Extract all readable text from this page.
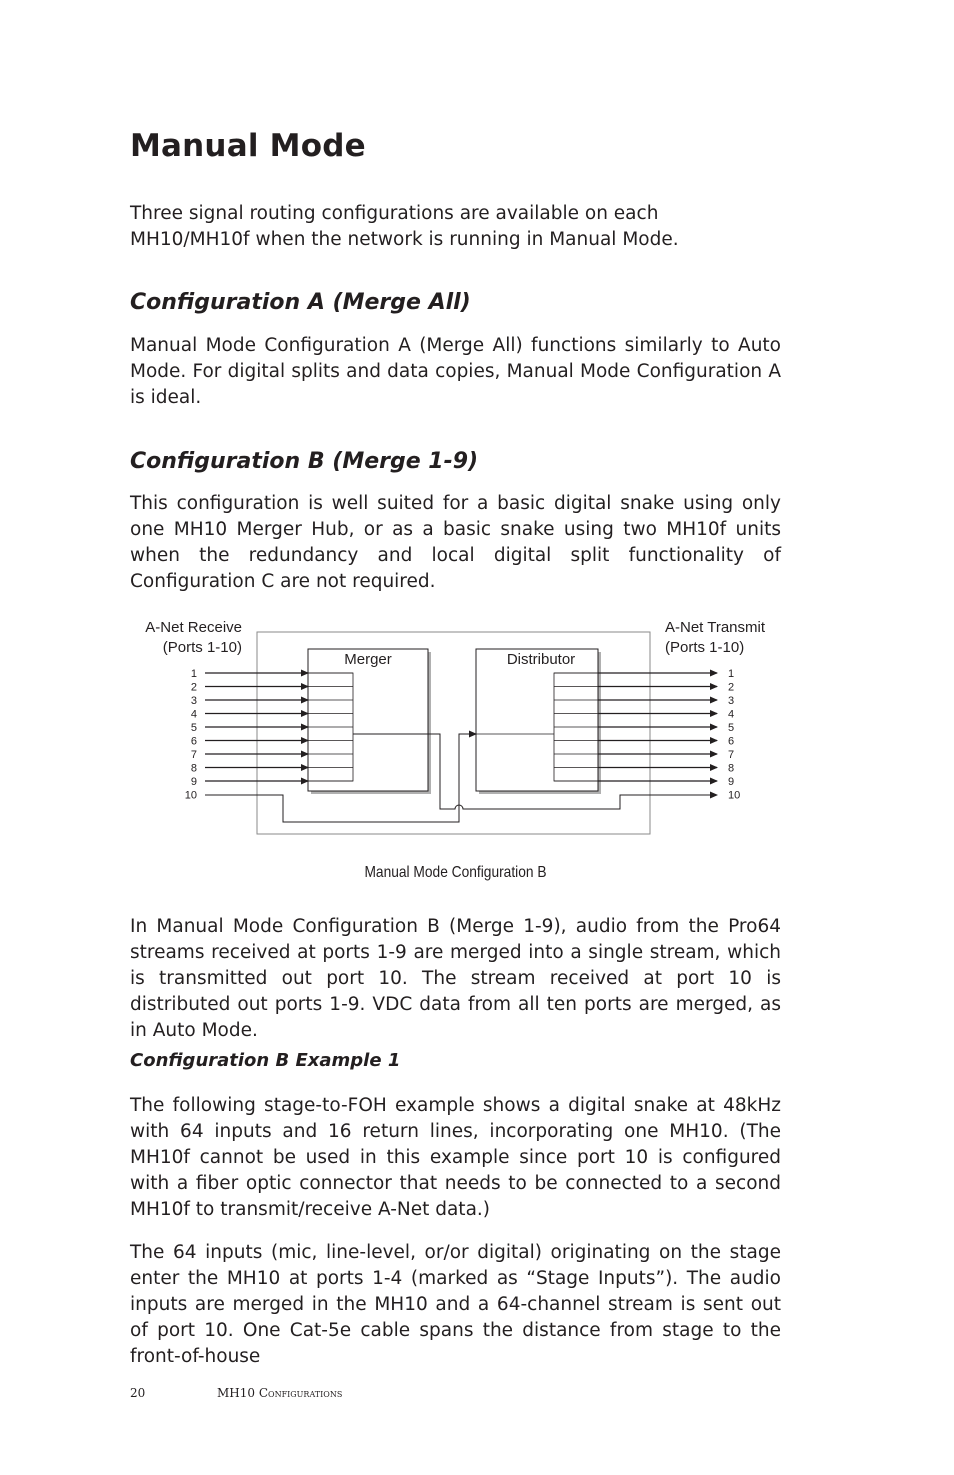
Manual Mode

Three signal routing configurations are available on each MH10/MH10f when the network is running in Manual Mode.

Configuration A (Merge All)

Manual Mode Configuration A (Merge All) functions similarly to Auto Mode. For digital splits and data copies, Manual Mode Configuration A is ideal.

Configuration B (Merge 1-9)

This configuration is well suited for a basic digital snake using only one MH10 Merger Hub, or as a basic snake using two MH10f units when the redundancy and local digital split functionality of Configuration C are not required.

A-Net Receive
(Ports 1-10)
A-Net Transmit
(Ports 1-10)
Merger	Distributor
1
2
3
4
5
6
7
8
9
10
1
2
3
4
5
6
7
8
9
10

Manual Mode Configuration B

In Manual Mode Configuration B (Merge 1-9), audio from the Pro64 streams received at ports 1-9 are merged into a single stream, which is transmitted out port 10. The stream received at port 10 is distributed out ports 1-9. VDC data from all ten ports are merged, as in Auto Mode.

Configuration B Example 1

The following stage-to-FOH example shows a digital snake at 48kHz with 64 inputs and 16 return lines, incorporating one MH10. (The MH10f cannot be used in this example since port 10 is configured with a fiber optic connector that needs to be connected to a second MH10f to transmit/receive A-Net data.)

The 64 inputs (mic, line-level, or/or digital) originating on the stage enter the MH10 at ports 1-4 (marked as “Stage Inputs”). The audio inputs are merged in the MH10 and a 64-channel stream is sent out of port 10. One Cat-5e cable spans the distance from stage to the front-of-house

20	MH10 Configurations
